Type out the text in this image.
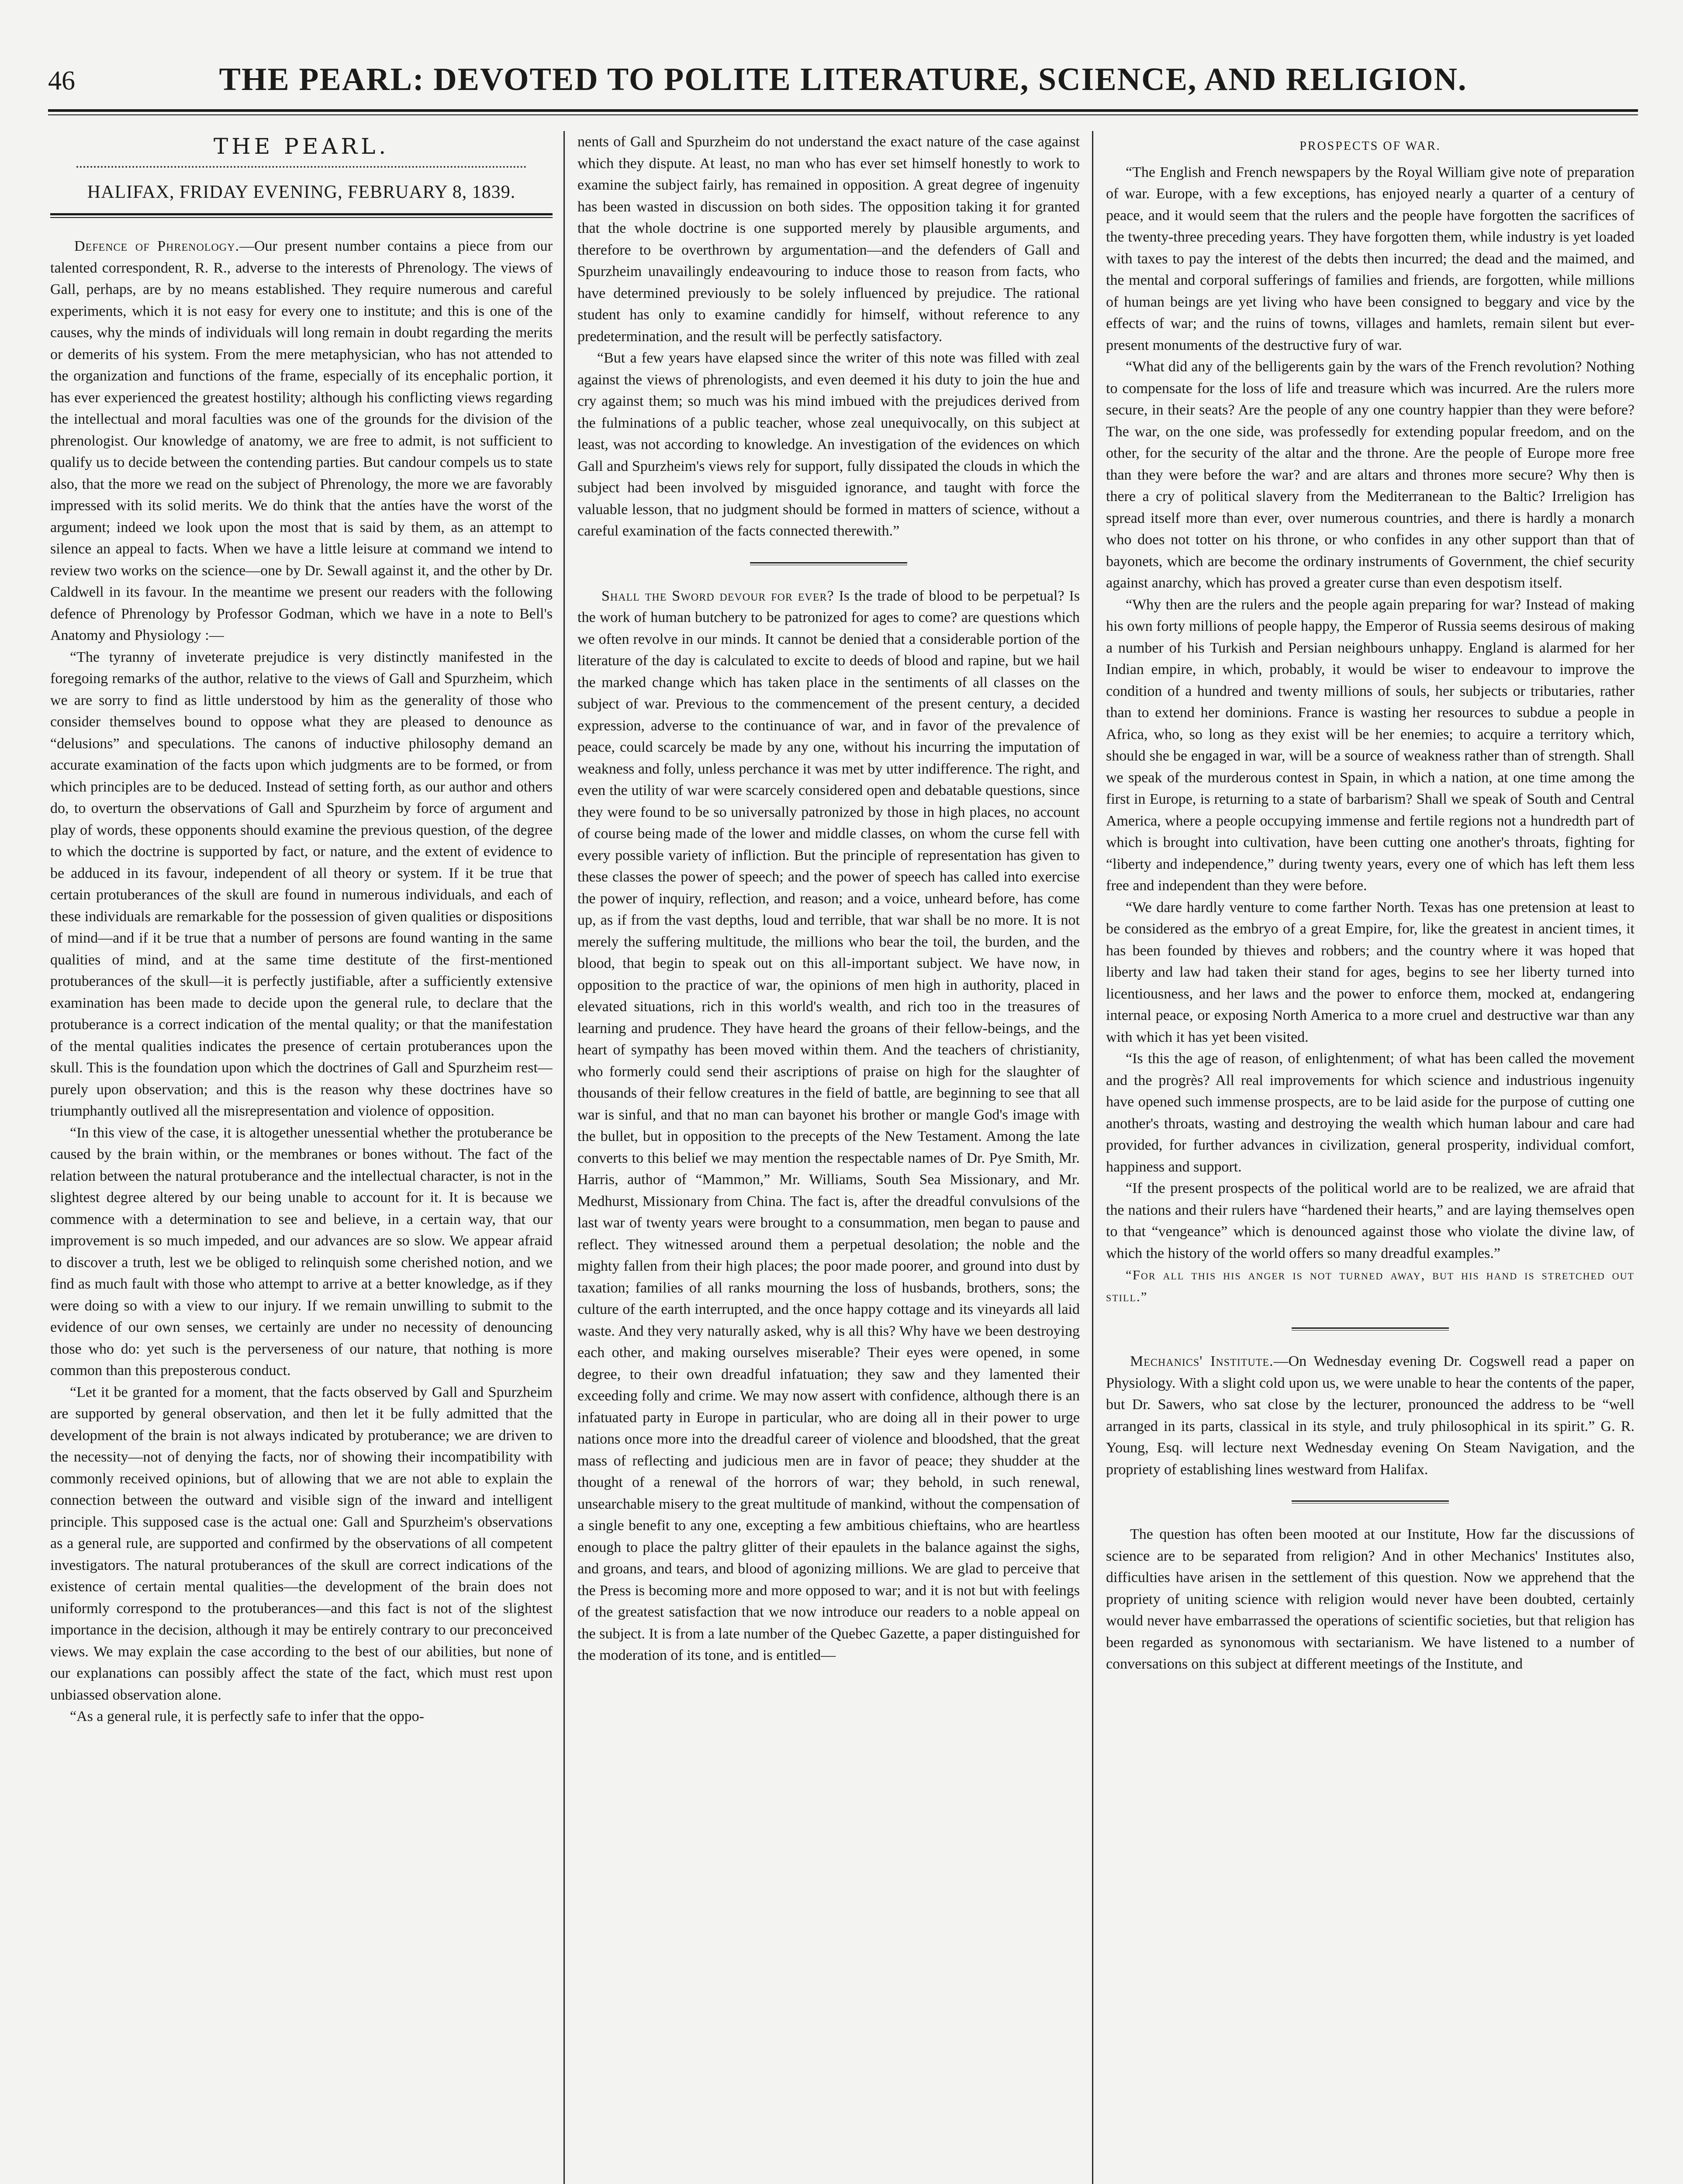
46	THE PEARL: DEVOTED TO POLITE LITERATURE, SCIENCE, AND RELIGION.

THE PEARL.

HALIFAX, FRIDAY EVENING, FEBRUARY 8, 1839.

Defence of Phrenology.—Our present number contains a piece from our talented correspondent, R. R., adverse to the interests of Phrenology. The views of Gall, perhaps, are by no means established. They require numerous and careful experiments, which it is not easy for every one to institute; and this is one of the causes, why the minds of individuals will long remain in doubt regarding the merits or demerits of his system. From the mere metaphysician, who has not attended to the organization and functions of the frame, especially of its encephalic portion, it has ever experienced the greatest hostility; although his conflicting views regarding the intellectual and moral faculties was one of the grounds for the division of the phrenologist. Our knowledge of anatomy, we are free to admit, is not sufficient to qualify us to decide between the contending parties. But candour compels us to state also, that the more we read on the subject of Phrenology, the more we are favorably impressed with its solid merits. We do think that the antíes have the worst of the argument; indeed we look upon the most that is said by them, as an attempt to silence an appeal to facts. When we have a little leisure at command we intend to review two works on the science—one by Dr. Sewall against it, and the other by Dr. Caldwell in its favour. In the meantime we present our readers with the following defence of Phrenology by Professor Godman, which we have in a note to Bell's Anatomy and Physiology :—

“The tyranny of inveterate prejudice is very distinctly manifested in the foregoing remarks of the author, relative to the views of Gall and Spurzheim, which we are sorry to find as little understood by him as the generality of those who consider themselves bound to oppose what they are pleased to denounce as “delusions” and speculations. The canons of inductive philosophy demand an accurate examination of the facts upon which judgments are to be formed, or from which principles are to be deduced. Instead of setting forth, as our author and others do, to overturn the observations of Gall and Spurzheim by force of argument and play of words, these opponents should examine the previous question, of the degree to which the doctrine is supported by fact, or nature, and the extent of evidence to be adduced in its favour, independent of all theory or system. If it be true that certain protuberances of the skull are found in numerous individuals, and each of these individuals are remarkable for the possession of given qualities or dispositions of mind—and if it be true that a number of persons are found wanting in the same qualities of mind, and at the same time destitute of the first-mentioned protuberances of the skull—it is perfectly justifiable, after a sufficiently extensive examination has been made to decide upon the general rule, to declare that the protuberance is a correct indication of the mental quality; or that the manifestation of the mental qualities indicates the presence of certain protuberances upon the skull. This is the foundation upon which the doctrines of Gall and Spurzheim rest—purely upon observation; and this is the reason why these doctrines have so triumphantly outlived all the misrepresentation and violence of opposition.

“In this view of the case, it is altogether unessential whether the protuberance be caused by the brain within, or the membranes or bones without. The fact of the relation between the natural protuberance and the intellectual character, is not in the slightest degree altered by our being unable to account for it. It is because we commence with a determination to see and believe, in a certain way, that our improvement is so much impeded, and our advances are so slow. We appear afraid to discover a truth, lest we be obliged to relinquish some cherished notion, and we find as much fault with those who attempt to arrive at a better knowledge, as if they were doing so with a view to our injury. If we remain unwilling to submit to the evidence of our own senses, we certainly are under no necessity of denouncing those who do: yet such is the perverseness of our nature, that nothing is more common than this preposterous conduct.

“Let it be granted for a moment, that the facts observed by Gall and Spurzheim are supported by general observation, and then let it be fully admitted that the development of the brain is not always indicated by protuberance; we are driven to the necessity—not of denying the facts, nor of showing their incompatibility with commonly received opinions, but of allowing that we are not able to explain the connection between the outward and visible sign of the inward and intelligent principle. This supposed case is the actual one: Gall and Spurzheim's observations as a general rule, are supported and confirmed by the observations of all competent investigators. The natural protuberances of the skull are correct indications of the existence of certain mental qualities—the development of the brain does not uniformly correspond to the protuberances—and this fact is not of the slightest importance in the decision, although it may be entirely contrary to our preconceived views. We may explain the case according to the best of our abilities, but none of our explanations can possibly affect the state of the fact, which must rest upon unbiassed observation alone.

“As a general rule, it is perfectly safe to infer that the oppo-

nents of Gall and Spurzheim do not understand the exact nature of the case against which they dispute. At least, no man who has ever set himself honestly to work to examine the subject fairly, has remained in opposition. A great degree of ingenuity has been wasted in discussion on both sides. The opposition taking it for granted that the whole doctrine is one supported merely by plausible arguments, and therefore to be overthrown by argumentation—and the defenders of Gall and Spurzheim unavailingly endeavouring to induce those to reason from facts, who have determined previously to be solely influenced by prejudice. The rational student has only to examine candidly for himself, without reference to any predetermination, and the result will be perfectly satisfactory.

“But a few years have elapsed since the writer of this note was filled with zeal against the views of phrenologists, and even deemed it his duty to join the hue and cry against them; so much was his mind imbued with the prejudices derived from the fulminations of a public teacher, whose zeal unequivocally, on this subject at least, was not according to knowledge. An investigation of the evidences on which Gall and Spurzheim's views rely for support, fully dissipated the clouds in which the subject had been involved by misguided ignorance, and taught with force the valuable lesson, that no judgment should be formed in matters of science, without a careful examination of the facts connected therewith.”

Shall the Sword devour for ever? Is the trade of blood to be perpetual? Is the work of human butchery to be patronized for ages to come? are questions which we often revolve in our minds. It cannot be denied that a considerable portion of the literature of the day is calculated to excite to deeds of blood and rapine, but we hail the marked change which has taken place in the sentiments of all classes on the subject of war. Previous to the commencement of the present century, a decided expression, adverse to the continuance of war, and in favor of the prevalence of peace, could scarcely be made by any one, without his incurring the imputation of weakness and folly, unless perchance it was met by utter indifference. The right, and even the utility of war were scarcely considered open and debatable questions, since they were found to be so universally patronized by those in high places, no account of course being made of the lower and middle classes, on whom the curse fell with every possible variety of infliction. But the principle of representation has given to these classes the power of speech; and the power of speech has called into exercise the power of inquiry, reflection, and reason; and a voice, unheard before, has come up, as if from the vast depths, loud and terrible, that war shall be no more. It is not merely the suffering multitude, the millions who bear the toil, the burden, and the blood, that begin to speak out on this all-important subject. We have now, in opposition to the practice of war, the opinions of men high in authority, placed in elevated situations, rich in this world's wealth, and rich too in the treasures of learning and prudence. They have heard the groans of their fellow-beings, and the heart of sympathy has been moved within them. And the teachers of christianity, who formerly could send their ascriptions of praise on high for the slaughter of thousands of their fellow creatures in the field of battle, are beginning to see that all war is sinful, and that no man can bayonet his brother or mangle God's image with the bullet, but in opposition to the precepts of the New Testament. Among the late converts to this belief we may mention the respectable names of Dr. Pye Smith, Mr. Harris, author of “Mammon,” Mr. Williams, South Sea Missionary, and Mr. Medhurst, Missionary from China. The fact is, after the dreadful convulsions of the last war of twenty years were brought to a consummation, men began to pause and reflect. They witnessed around them a perpetual desolation; the noble and the mighty fallen from their high places; the poor made poorer, and ground into dust by taxation; families of all ranks mourning the loss of husbands, brothers, sons; the culture of the earth interrupted, and the once happy cottage and its vineyards all laid waste. And they very naturally asked, why is all this? Why have we been destroying each other, and making ourselves miserable? Their eyes were opened, in some degree, to their own dreadful infatuation; they saw and they lamented their exceeding folly and crime. We may now assert with confidence, although there is an infatuated party in Europe in particular, who are doing all in their power to urge nations once more into the dreadful career of violence and bloodshed, that the great mass of reflecting and judicious men are in favor of peace; they shudder at the thought of a renewal of the horrors of war; they behold, in such renewal, unsearchable misery to the great multitude of mankind, without the compensation of a single benefit to any one, excepting a few ambitious chieftains, who are heartless enough to place the paltry glitter of their epaulets in the balance against the sighs, and groans, and tears, and blood of agonizing millions. We are glad to perceive that the Press is becoming more and more opposed to war; and it is not but with feelings of the greatest satisfaction that we now introduce our readers to a noble appeal on the subject. It is from a late number of the Quebec Gazette, a paper distinguished for the moderation of its tone, and is entitled—

PROSPECTS OF WAR.

“The English and French newspapers by the Royal William give note of preparation of war. Europe, with a few exceptions, has enjoyed nearly a quarter of a century of peace, and it would seem that the rulers and the people have forgotten the sacrifices of the twenty-three preceding years. They have forgotten them, while industry is yet loaded with taxes to pay the interest of the debts then incurred; the dead and the maimed, and the mental and corporal sufferings of families and friends, are forgotten, while millions of human beings are yet living who have been consigned to beggary and vice by the effects of war; and the ruins of towns, villages and hamlets, remain silent but ever-present monuments of the destructive fury of war.

“What did any of the belligerents gain by the wars of the French revolution? Nothing to compensate for the loss of life and treasure which was incurred. Are the rulers more secure, in their seats? Are the people of any one country happier than they were before? The war, on the one side, was professedly for extending popular freedom, and on the other, for the security of the altar and the throne. Are the people of Europe more free than they were before the war? and are altars and thrones more secure? Why then is there a cry of political slavery from the Mediterranean to the Baltic? Irreligion has spread itself more than ever, over numerous countries, and there is hardly a monarch who does not totter on his throne, or who confides in any other support than that of bayonets, which are become the ordinary instruments of Government, the chief security against anarchy, which has proved a greater curse than even despotism itself.

“Why then are the rulers and the people again preparing for war? Instead of making his own forty millions of people happy, the Emperor of Russia seems desirous of making a number of his Turkish and Persian neighbours unhappy. England is alarmed for her Indian empire, in which, probably, it would be wiser to endeavour to improve the condition of a hundred and twenty millions of souls, her subjects or tributaries, rather than to extend her dominions. France is wasting her resources to subdue a people in Africa, who, so long as they exist will be her enemies; to acquire a territory which, should she be engaged in war, will be a source of weakness rather than of strength. Shall we speak of the murderous contest in Spain, in which a nation, at one time among the first in Europe, is returning to a state of barbarism? Shall we speak of South and Central America, where a people occupying immense and fertile regions not a hundredth part of which is brought into cultivation, have been cutting one another's throats, fighting for “liberty and independence,” during twenty years, every one of which has left them less free and independent than they were before.

“We dare hardly venture to come farther North. Texas has one pretension at least to be considered as the embryo of a great Empire, for, like the greatest in ancient times, it has been founded by thieves and robbers; and the country where it was hoped that liberty and law had taken their stand for ages, begins to see her liberty turned into licentiousness, and her laws and the power to enforce them, mocked at, endangering internal peace, or exposing North America to a more cruel and destructive war than any with which it has yet been visited.

“Is this the age of reason, of enlightenment; of what has been called the movement and the progrès? All real improvements for which science and industrious ingenuity have opened such immense prospects, are to be laid aside for the purpose of cutting one another's throats, wasting and destroying the wealth which human labour and care had provided, for further advances in civilization, general prosperity, individual comfort, happiness and support.

“If the present prospects of the political world are to be realized, we are afraid that the nations and their rulers have “hardened their hearts,” and are laying themselves open to that “vengeance” which is denounced against those who violate the divine law, of which the history of the world offers so many dreadful examples.”

“For all this his anger is not turned away, but his hand is stretched out still.”

Mechanics' Institute.—On Wednesday evening Dr. Cogswell read a paper on Physiology. With a slight cold upon us, we were unable to hear the contents of the paper, but Dr. Sawers, who sat close by the lecturer, pronounced the address to be “well arranged in its parts, classical in its style, and truly philosophical in its spirit.” G. R. Young, Esq. will lecture next Wednesday evening On Steam Navigation, and the propriety of establishing lines westward from Halifax.

The question has often been mooted at our Institute, How far the discussions of science are to be separated from religion? And in other Mechanics' Institutes also, difficulties have arisen in the settlement of this question. Now we apprehend that the propriety of uniting science with religion would never have been doubted, certainly would never have embarrassed the operations of scientific societies, but that religion has been regarded as synonomous with sectarianism. We have listened to a number of conversations on this subject at different meetings of the Institute, and
